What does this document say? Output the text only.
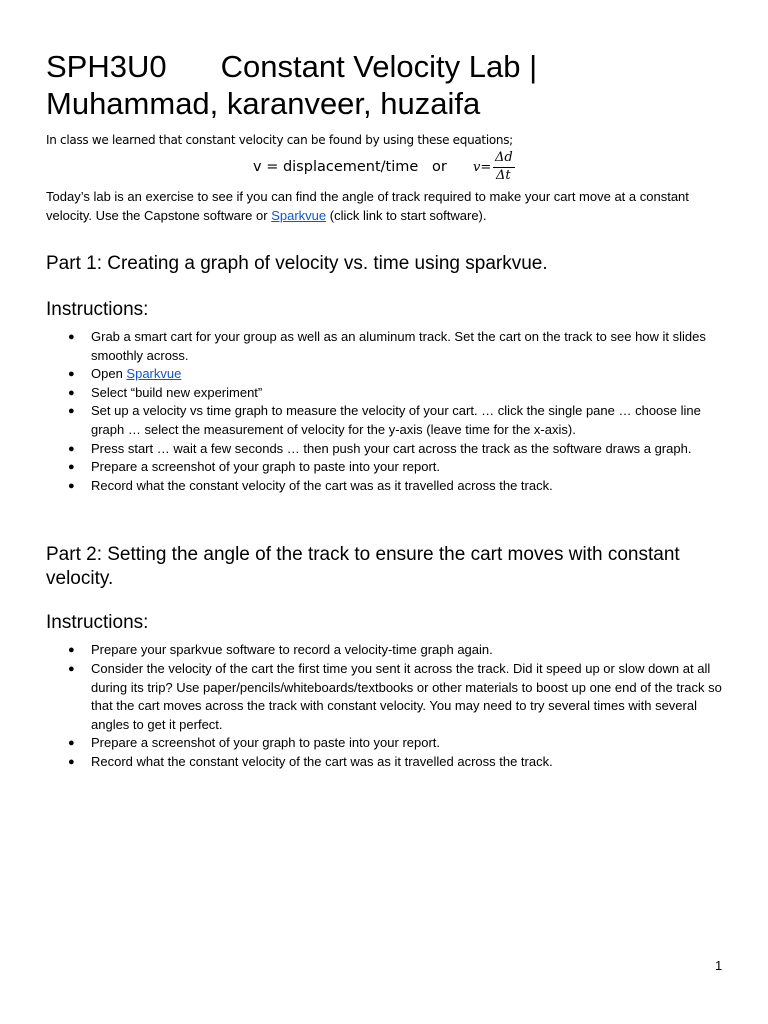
SPH3U0 Constant Velocity Lab |
Muhammad, karanveer, huzaifa

In class we learned that constant velocity can be found by using these equations;

v = displacement/time or v=
Δd
Δt

Today’s lab is an exercise to see if you can find the angle of track required to make your cart move at a constant velocity. Use the Capstone software or Sparkvue (click link to start software).

Part 1: Creating a graph of velocity vs. time using sparkvue.
Instructions:
● Grab a smart cart for your group as well as an aluminum track. Set the cart on the track to see how it slides smoothly across.
● Open Sparkvue
● Select “build new experiment”
● Set up a velocity vs time graph to measure the velocity of your cart. … click the single pane … choose line graph … select the measurement of velocity for the y-axis (leave time for the x-axis).
● Press start … wait a few seconds … then push your cart across the track as the software draws a graph.
● Prepare a screenshot of your graph to paste into your report.
● Record what the constant velocity of the cart was as it travelled across the track.
Part 2: Setting the angle of the track to ensure the cart moves with constant velocity.
Instructions:
● Prepare your sparkvue software to record a velocity-time graph again.
● Consider the velocity of the cart the first time you sent it across the track. Did it speed up or slow down at all during its trip? Use paper/pencils/whiteboards/textbooks or other materials to boost up one end of the track so that the cart moves across the track with constant velocity. You may need to try several times with several angles to get it perfect.
● Prepare a screenshot of your graph to paste into your report.
● Record what the constant velocity of the cart was as it travelled across the track.
1
